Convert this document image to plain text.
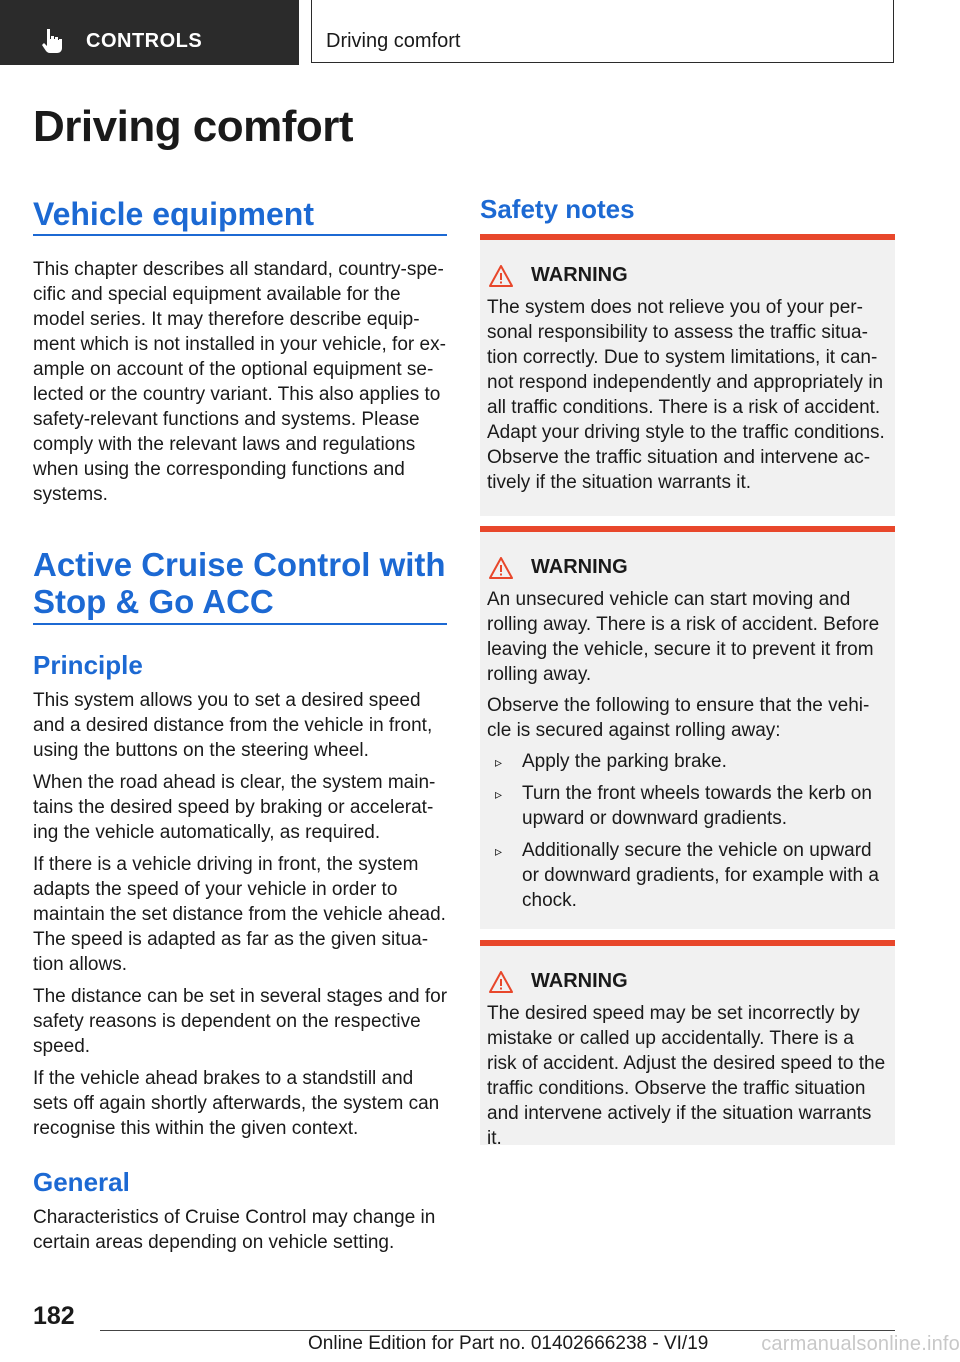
CONTROLS	Driving comfort
Driving comfort
Vehicle equipment

This chapter describes all standard, country-specific and special equipment available for the model series. It may therefore describe equipment which is not installed in your vehicle, for example on account of the optional equipment selected or the country variant. This also applies to safety-relevant functions and systems. Please comply with the relevant laws and regulations when using the corresponding functions and systems.

Active Cruise Control with
Stop & Go ACC
Principle

This system allows you to set a desired speed and a desired distance from the vehicle in front, using the buttons on the steering wheel.

When the road ahead is clear, the system maintains the desired speed by braking or accelerating the vehicle automatically, as required.

If there is a vehicle driving in front, the system adapts the speed of your vehicle in order to maintain the set distance from the vehicle ahead. The speed is adapted as far as the given situation allows.

The distance can be set in several stages and for safety reasons is dependent on the respective speed.

If the vehicle ahead brakes to a standstill and sets off again shortly afterwards, the system can recognise this within the given context.

General

Characteristics of Cruise Control may change in certain areas depending on vehicle setting.

Safety notes
WARNING

The system does not relieve you of your personal responsibility to assess the traffic situation correctly. Due to system limitations, it cannot respond independently and appropriately in all traffic conditions. There is a risk of accident. Adapt your driving style to the traffic conditions. Observe the traffic situation and intervene actively if the situation warrants it.

WARNING

An unsecured vehicle can start moving and rolling away. There is a risk of accident. Before leaving the vehicle, secure it to prevent it from rolling away.

Observe the following to ensure that the vehicle is secured against rolling away:

▹ Apply the parking brake.
▹ Turn the front wheels towards the kerb on upward or downward gradients.
▹ Additionally secure the vehicle on upward or downward gradients, for example with a chock.
WARNING

The desired speed may be set incorrectly by mistake or called up accidentally. There is a risk of accident. Adjust the desired speed to the traffic conditions. Observe the traffic situation and intervene actively if the situation warrants it.

182
Online Edition for Part no. 01402666238 - VI/19	carmanualsonline.info
